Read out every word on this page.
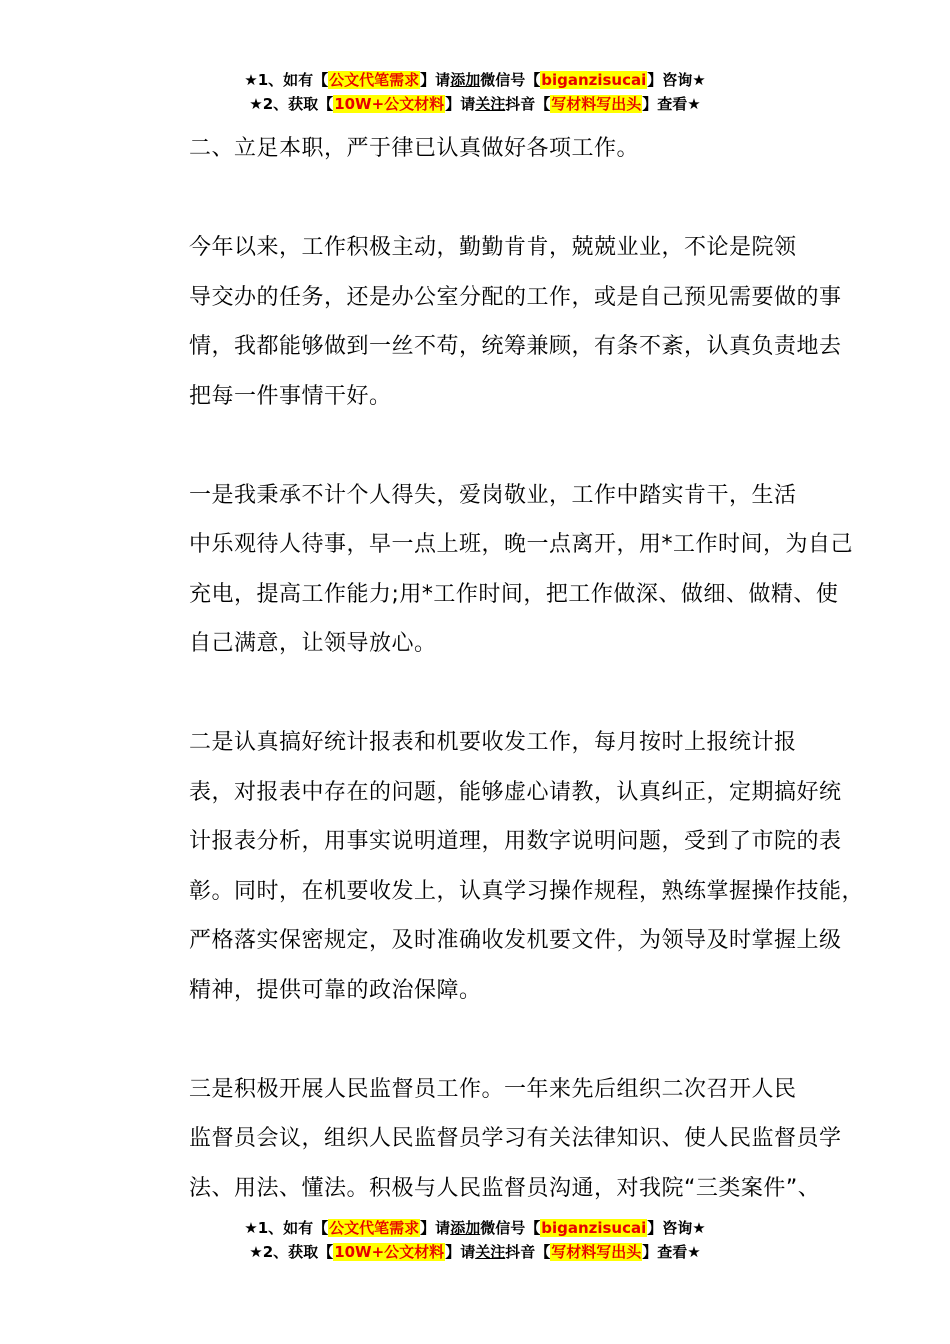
★1、如有【公文代笔需求】请添加微信号【biganzisucai】咨询★
★2、获取【10W+公文材料】请关注抖音【写材料写出头】查看★

二、立足本职，严于律已认真做好各项工作。

今年以来，工作积极主动，勤勤肯肯，兢兢业业，不论是院领
导交办的任务，还是办公室分配的工作，或是自己预见需要做的事
情，我都能够做到一丝不苟，统筹兼顾，有条不紊，认真负责地去
把每一件事情干好。

一是我秉承不计个人得失，爱岗敬业，工作中踏实肯干，生活
中乐观待人待事，早一点上班，晚一点离开，用*工作时间，为自己
充电，提高工作能力;用*工作时间，把工作做深、做细、做精、使
自己满意，让领导放心。

二是认真搞好统计报表和机要收发工作，每月按时上报统计报
表，对报表中存在的问题，能够虚心请教，认真纠正，定期搞好统
计报表分析，用事实说明道理，用数字说明问题，受到了市院的表
彰。同时，在机要收发上，认真学习操作规程，熟练掌握操作技能，
严格落实保密规定，及时准确收发机要文件，为领导及时掌握上级
精神，提供可靠的政治保障。

三是积极开展人民监督员工作。一年来先后组织二次召开人民
监督员会议，组织人民监督员学习有关法律知识、使人民监督员学
法、用法、懂法。积极与人民监督员沟通，对我院“三类案件”、

★1、如有【公文代笔需求】请添加微信号【biganzisucai】咨询★
★2、获取【10W+公文材料】请关注抖音【写材料写出头】查看★
